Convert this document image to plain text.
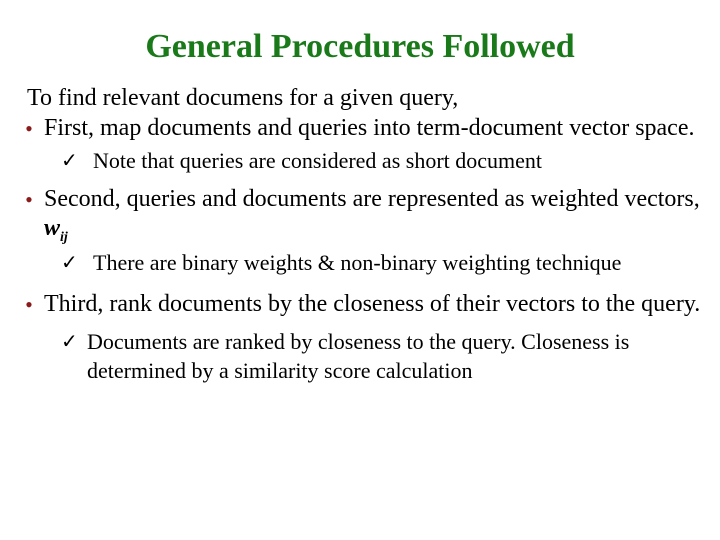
General Procedures Followed

To find relevant documens for a given query,

• First, map documents and queries into term-document vector space.

✓ Note that queries are considered as short document

• Second, queries and documents are represented as weighted vectors, $w_{ij}$

✓ There are binary weights & non-binary weighting technique

• Third, rank documents by the closeness of their vectors to the query.

✓ Documents are ranked by closeness to the query. Closeness is determined by a similarity score calculation
